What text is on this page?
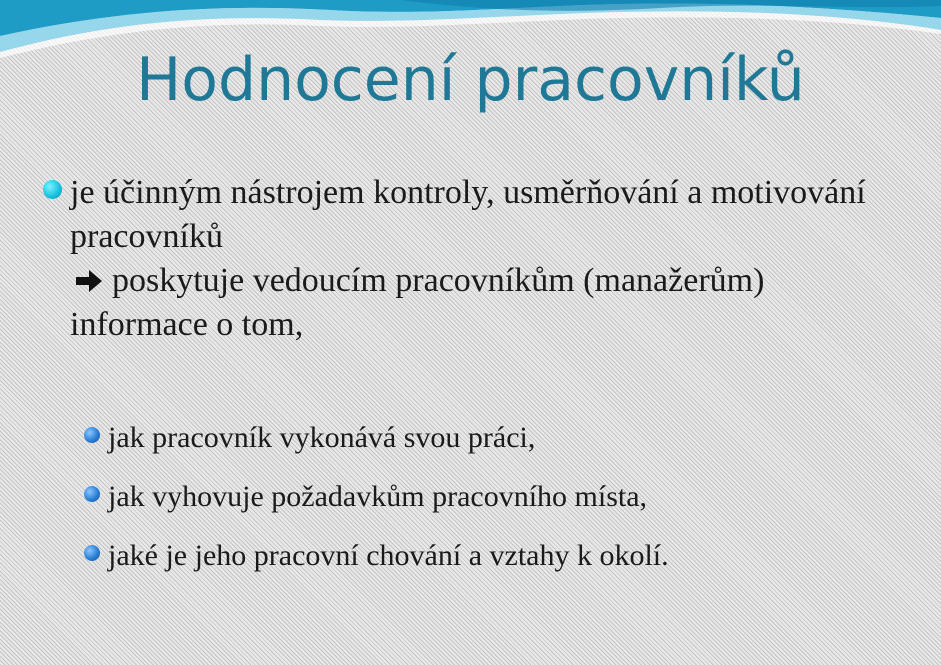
Hodnocení pracovníků
je účinným nástrojem kontroly, usměrňování a motivování pracovníků
poskytuje vedoucím pracovníkům (manažerům) informace o tom,
jak pracovník vykonává svou práci,
jak vyhovuje požadavkům pracovního místa,
jaké je jeho pracovní chování a vztahy k okolí.
